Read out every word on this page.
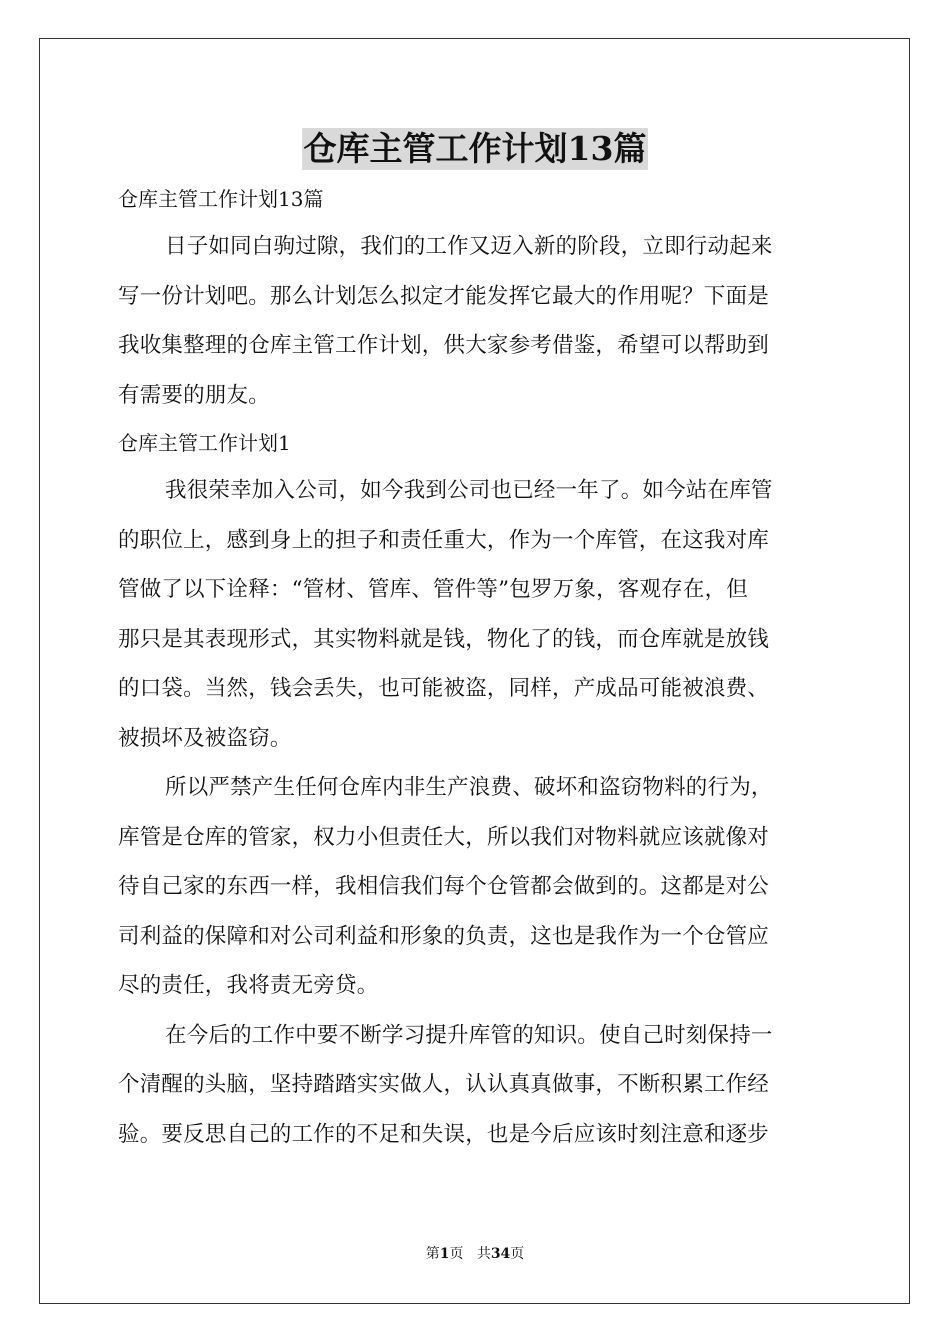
仓库主管工作计划13篇
仓库主管工作计划13篇
日子如同白驹过隙，我们的工作又迈入新的阶段，立即行动起来
写一份计划吧。那么计划怎么拟定才能发挥它最大的作用呢？下面是
我收集整理的仓库主管工作计划，供大家参考借鉴，希望可以帮助到
有需要的朋友。
仓库主管工作计划1
我很荣幸加入公司，如今我到公司也已经一年了。如今站在库管
的职位上，感到身上的担子和责任重大，作为一个库管，在这我对库
管做了以下诠释：“管材、管库、管件等”包罗万象，客观存在，但
那只是其表现形式，其实物料就是钱，物化了的钱，而仓库就是放钱
的口袋。当然，钱会丢失，也可能被盗，同样，产成品可能被浪费、
被损坏及被盗窃。
所以严禁产生任何仓库内非生产浪费、破坏和盗窃物料的行为，
库管是仓库的管家，权力小但责任大，所以我们对物料就应该就像对
待自己家的东西一样，我相信我们每个仓管都会做到的。这都是对公
司利益的保障和对公司利益和形象的负责，这也是我作为一个仓管应
尽的责任，我将责无旁贷。
在今后的工作中要不断学习提升库管的知识。使自己时刻保持一
个清醒的头脑，坚持踏踏实实做人，认认真真做事，不断积累工作经
验。要反思自己的工作的不足和失误，也是今后应该时刻注意和逐步
第1页 共34页
